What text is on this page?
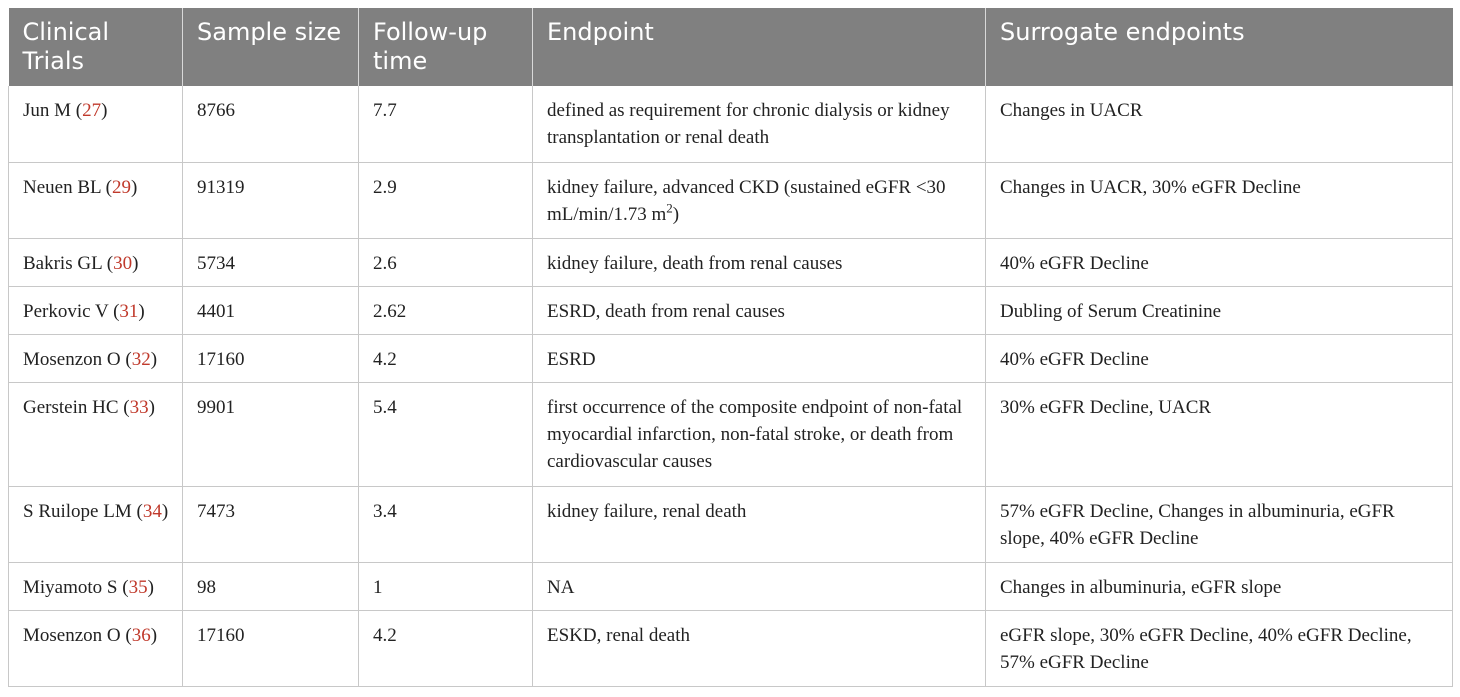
Clinical Trials	Sample size	Follow-up time	Endpoint	Surrogate endpoints
Jun M (27)	8766	7.7	defined as requirement for chronic dialysis or kidney transplantation or renal death	Changes in UACR
Neuen BL (29)	91319	2.9	kidney failure, advanced CKD (sustained eGFR <30 mL/min/1.73 $m^2$)	Changes in UACR, 30% eGFR Decline
Bakris GL (30)	5734	2.6	kidney failure, death from renal causes	40% eGFR Decline
Perkovic V (31)	4401	2.62	ESRD, death from renal causes	Dubling of Serum Creatinine
Mosenzon O (32)	17160	4.2	ESRD	40% eGFR Decline
Gerstein HC (33)	9901	5.4	first occurrence of the composite endpoint of non-fatal myocardial infarction, non-fatal stroke, or death from cardiovascular causes	30% eGFR Decline, UACR
S Ruilope LM (34)	7473	3.4	kidney failure, renal death	57% eGFR Decline, Changes in albuminuria, eGFR slope, 40% eGFR Decline
Miyamoto S (35)	98	1	NA	Changes in albuminuria, eGFR slope
Mosenzon O (36)	17160	4.2	ESKD, renal death	eGFR slope, 30% eGFR Decline, 40% eGFR Decline, 57% eGFR Decline
